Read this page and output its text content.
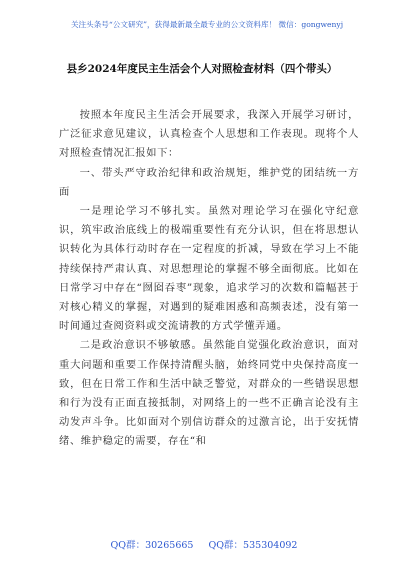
关注头条号“公文研究”，获得最新最全最专业的公文资料库！ 微信：gongwenyj
县乡2024年度民主生活会个人对照检查材料（四个带头）

按照本年度民主生活会开展要求，我深入开展学习研讨，广泛征求意见建议，认真检查个人思想和工作表现。现将个人对照检查情况汇报如下：

一、带头严守政治纪律和政治规矩，维护党的团结统一方面

一是理论学习不够扎实。虽然对理论学习在强化守纪意识，筑牢政治底线上的极端重要性有充分认识，但在将思想认识转化为具体行动时存在一定程度的折减，导致在学习上不能持续保持严肃认真、对思想理论的掌握不够全面彻底。比如在日常学习中存在“囫囵吞枣”现象，追求学习的次数和篇幅甚于对核心精义的掌握，对遇到的疑难困惑和高频表述，没有第一时间通过查阅资料或交流请教的方式学懂弄通。

二是政治意识不够敏感。虽然能自觉强化政治意识，面对重大问题和重要工作保持清醒头脑，始终同党中央保持高度一致，但在日常工作和生活中缺乏警觉，对群众的一些错误思想和行为没有正面直接抵制，对网络上的一些不正确言论没有主动发声斗争。比如面对个别信访群众的过激言论，出于安抚情绪、维护稳定的需要，存在“和

QQ群：30265665 QQ群：535304092
